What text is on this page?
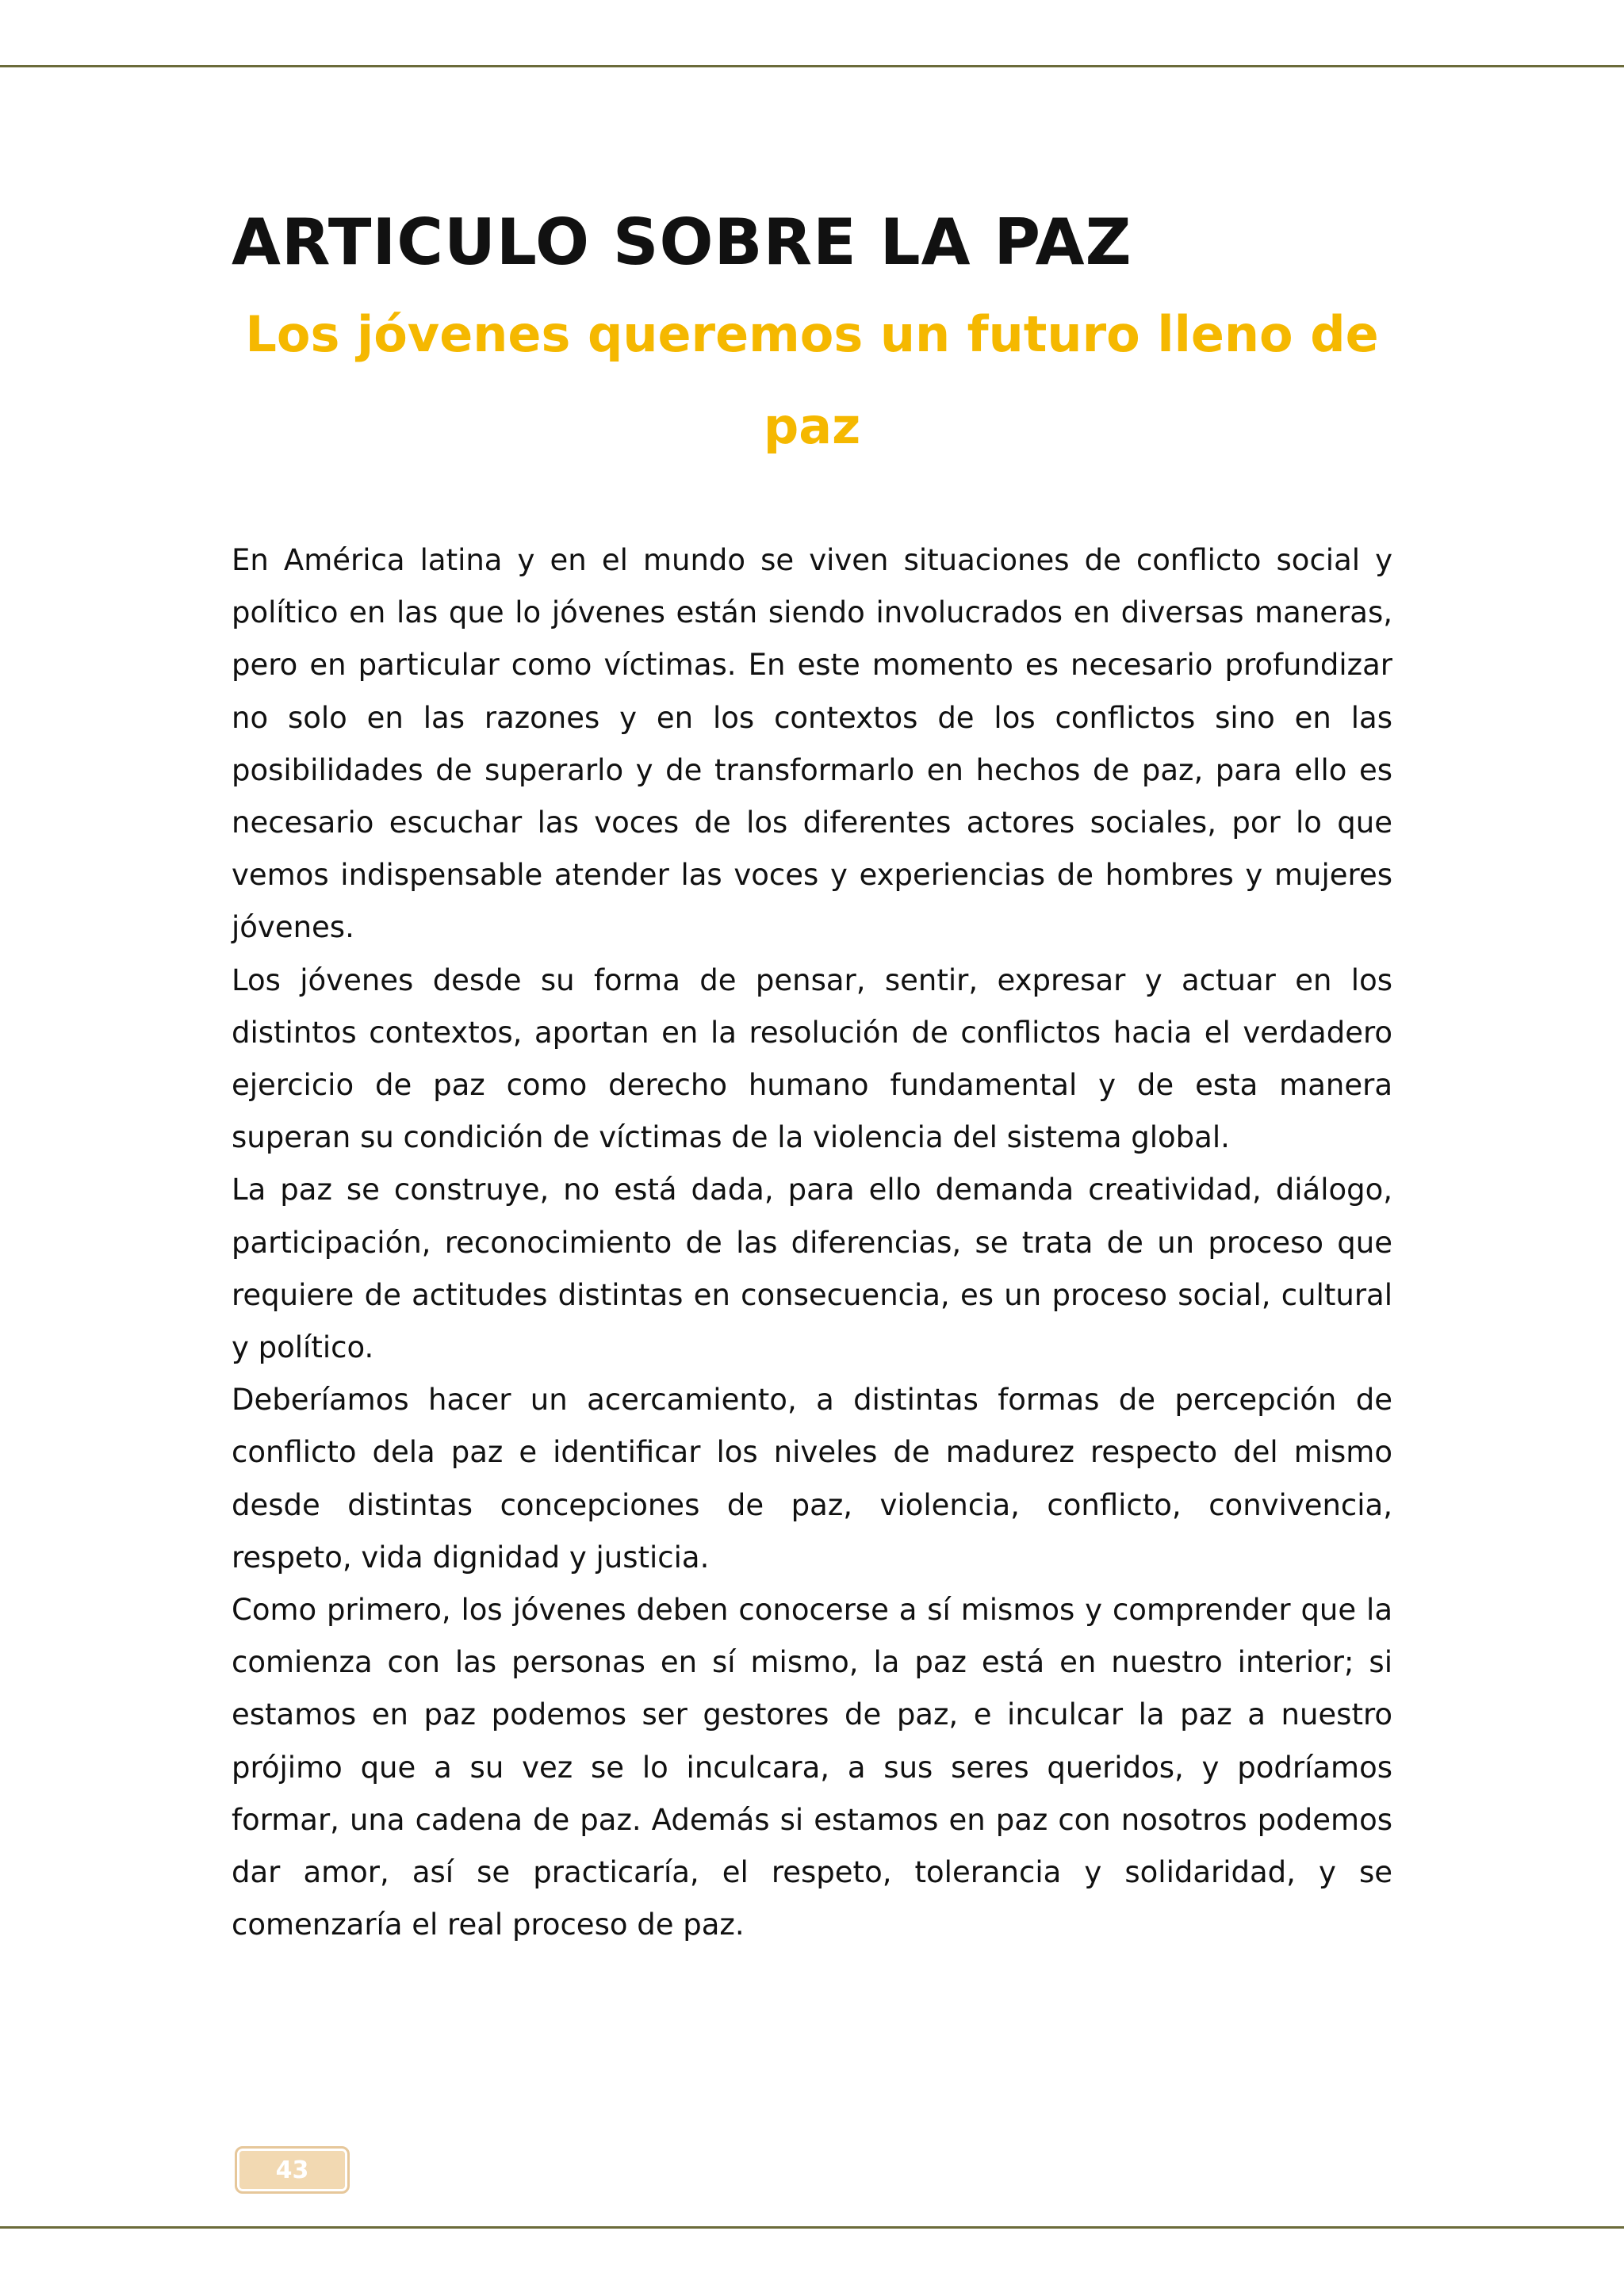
ARTICULO SOBRE LA PAZ
Los jóvenes queremos un futuro lleno de paz

En América latina y en el mundo se viven situaciones de conflicto social y político en las que lo jóvenes están siendo involucrados en diversas maneras, pero en particular como víctimas. En este momento es necesario profundizar no solo en las razones y en los contextos de los conflictos sino en las posibilidades de superarlo y de transformarlo en hechos de paz, para ello es necesario escuchar las voces de los diferentes actores sociales, por lo que vemos indispensable atender las voces y experiencias de hombres y mujeres jóvenes.

Los jóvenes desde su forma de pensar, sentir, expresar y actuar en los distintos contextos, aportan en la resolución de conflictos hacia el verdadero ejercicio de paz como derecho humano fundamental y de esta manera superan su condición de víctimas de la violencia del sistema global.

La paz se construye, no está dada, para ello demanda creatividad, diálogo, participación, reconocimiento de las diferencias, se trata de un proceso que requiere de actitudes distintas en consecuencia, es un proceso social, cultural y político.

Deberíamos hacer un acercamiento, a distintas formas de percepción de conflicto dela paz e identificar los niveles de madurez respecto del mismo desde distintas concepciones de paz, violencia, conflicto, convivencia, respeto, vida dignidad y justicia.

Como primero, los jóvenes deben conocerse a sí mismos y comprender que la comienza con las personas en sí mismo, la paz está en nuestro interior; si estamos en paz podemos ser gestores de paz, e inculcar la paz a nuestro prójimo que a su vez se lo inculcara, a sus seres queridos, y podríamos formar, una cadena de paz. Además si estamos en paz con nosotros podemos dar amor, así se practicaría, el respeto, tolerancia y solidaridad, y se comenzaría el real proceso de paz.

43
